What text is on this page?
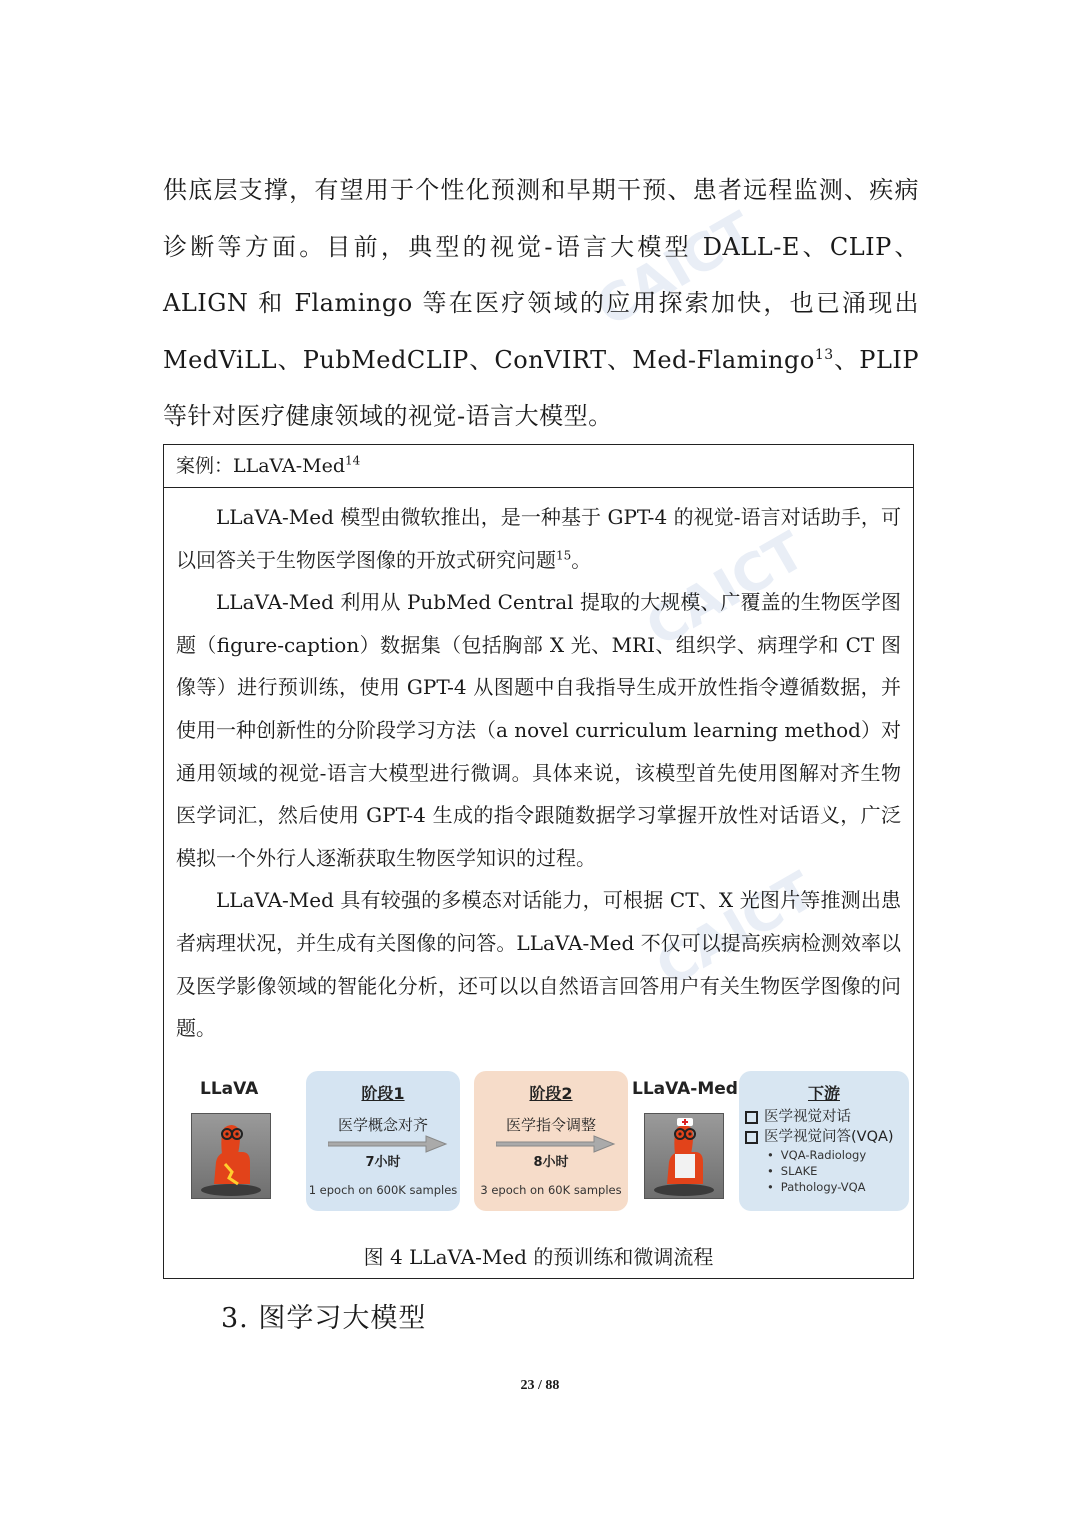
CAICT
CAICT
CAICT

供底层支撑，有望用于个性化预测和早期干预、患者远程监测、疾病诊断等方面。目前，典型的视觉-语言大模型 DALL-E、CLIP、ALIGN 和 Flamingo 等在医疗领域的应用探索加快，也已涌现出 MedViLL、PubMedCLIP、ConVIRT、Med-Flamingo$^{13}$、PLIP 等针对医疗健康领域的视觉-语言大模型。

案例：LLaVA-Med$^{14}$

LLaVA-Med 模型由微软推出，是一种基于 GPT-4 的视觉-语言对话助手，可以回答关于生物医学图像的开放式研究问题$^{15}$。

LLaVA-Med 利用从 PubMed Central 提取的大规模、广覆盖的生物医学图题（figure-caption）数据集（包括胸部 X 光、MRI、组织学、病理学和 CT 图像等）进行预训练，使用 GPT-4 从图题中自我指导生成开放性指令遵循数据，并使用一种创新性的分阶段学习方法（a novel curriculum learning method）对通用领域的视觉-语言大模型进行微调。具体来说，该模型首先使用图解对齐生物医学词汇，然后使用 GPT-4 生成的指令跟随数据学习掌握开放性对话语义，广泛模拟一个外行人逐渐获取生物医学知识的过程。

LLaVA-Med 具有较强的多模态对话能力，可根据 CT、X 光图片等推测出患者病理状况，并生成有关图像的问答。LLaVA-Med 不仅可以提高疾病检测效率以及医学影像领域的智能化分析，还可以以自然语言回答用户有关生物医学图像的问题。

LLaVA	阶段1
医学概念对齐
7小时
1 epoch on 600K samples
阶段2
医学指令调整
8小时
3 epoch on 60K samples
LLaVA-Med	下游
医学视觉对话
医学视觉问答(VQA)
• VQA-Radiology
• SLAKE
• Pathology-VQA
图 4 LLaVA-Med 的预训练和微调流程
3. 图学习大模型
23 / 88
